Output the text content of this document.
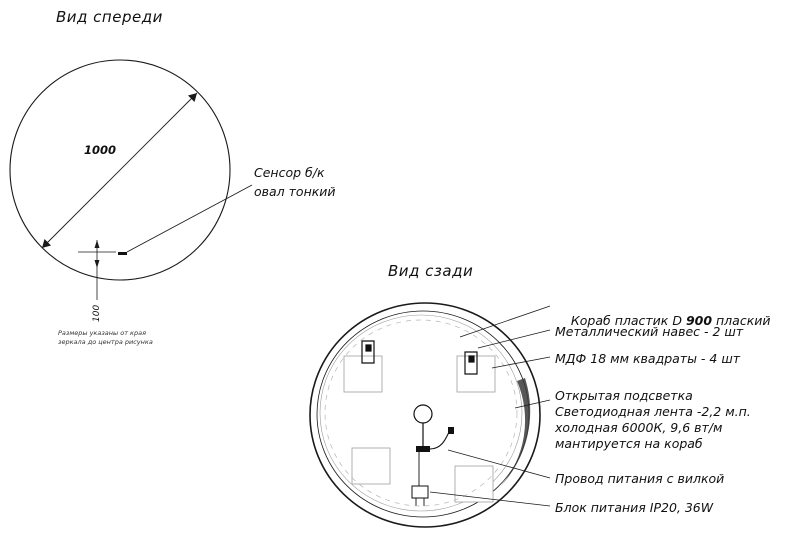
Вид спереди
1000
Сенсор б/к
овал тонкий
100
Размеры указаны от края
зеркала до центра рисунка
Вид сзади

Кораб пластик D 900 плаский

Металлический навес - 2 шт
МДФ 18 мм квадраты - 4 шт
Открытая подсветка
Светодиодная лента -2,2 м.п.
холодная 6000К, 9,6 вт/м
мантируется на кораб
Провод питания с вилкой
Блок питания IP20, 36W
